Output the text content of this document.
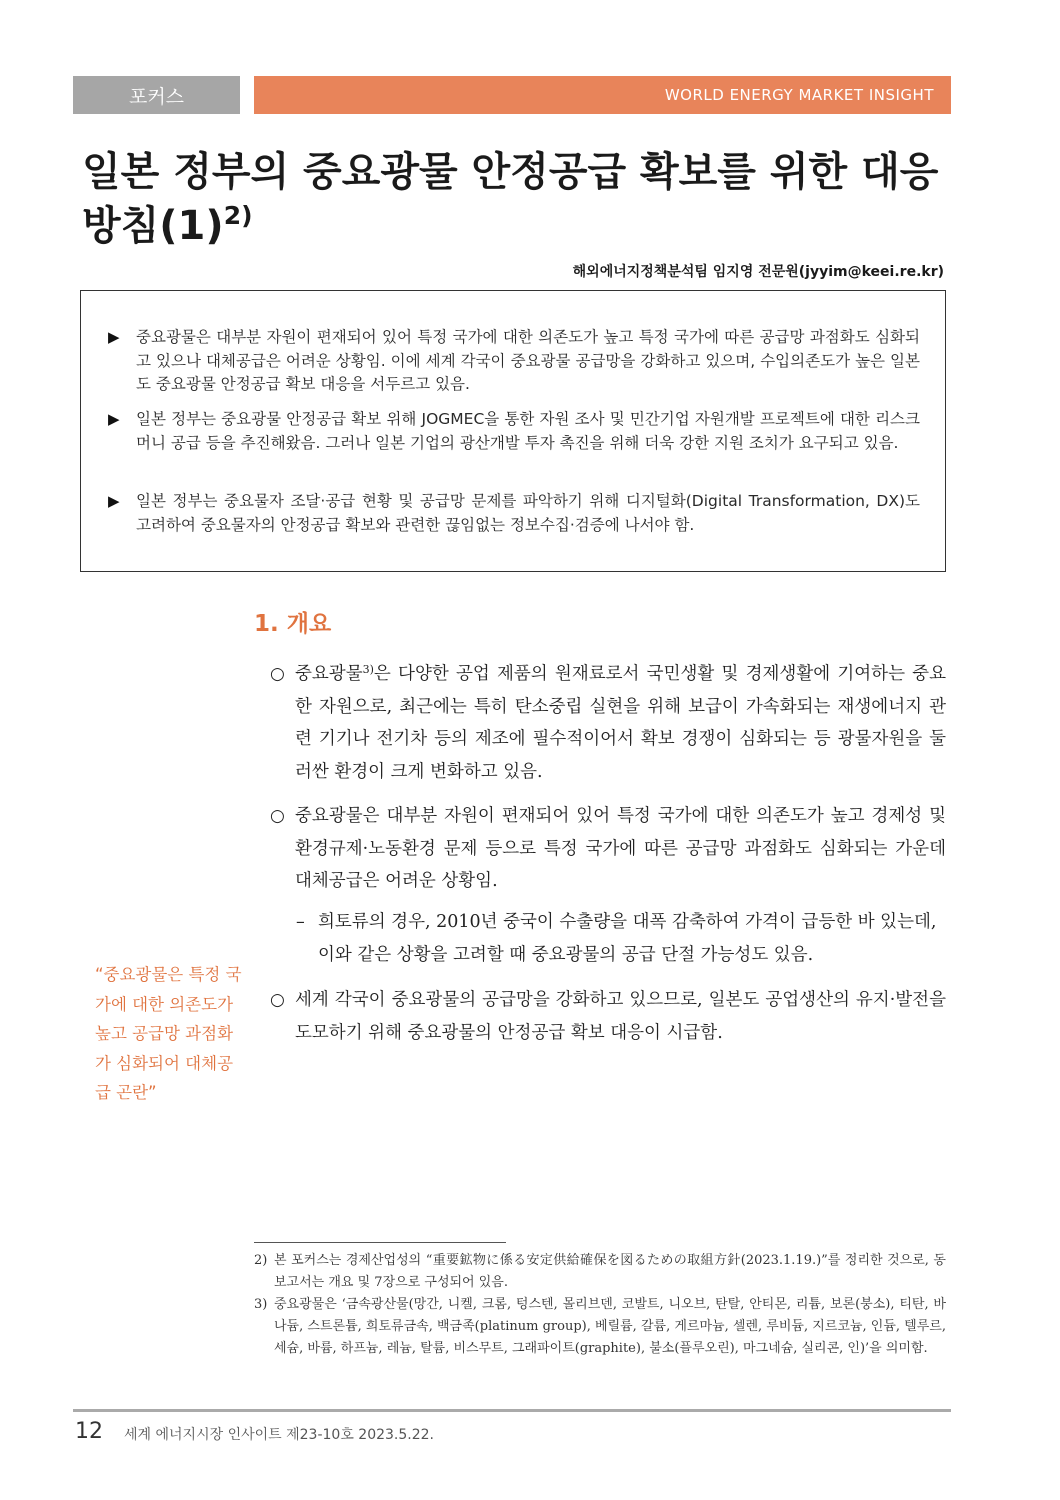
포커스	WORLD ENERGY MARKET INSIGHT
일본 정부의 중요광물 안정공급 확보를 위한 대응 방침$(1)^{2)}$
해외에너지정책분석팀 임지영 전문원(jyyim@keei.re.kr)
▶	중요광물은 대부분 자원이 편재되어 있어 특정 국가에 대한 의존도가 높고 특정 국가에 따른 공급망 과점화도 심화되고 있으나 대체공급은 어려운 상황임. 이에 세계 각국이 중요광물 공급망을 강화하고 있으며, 수입의존도가 높은 일본도 중요광물 안정공급 확보 대응을 서두르고 있음.
▶	일본 정부는 중요광물 안정공급 확보 위해 JOGMEC을 통한 자원 조사 및 민간기업 자원개발 프로젝트에 대한 리스크머니 공급 등을 추진해왔음. 그러나 일본 기업의 광산개발 투자 촉진을 위해 더욱 강한 지원 조치가 요구되고 있음.
▶	일본 정부는 중요물자 조달·공급 현황 및 공급망 문제를 파악하기 위해 디지털화(Digital Transformation, DX)도 고려하여 중요물자의 안정공급 확보와 관련한 끊임없는 정보수집·검증에 나서야 함.
1. 개요
○ 중요광물$^{3)}$은 다양한 공업 제품의 원재료로서 국민생활 및 경제생활에 기여하는 중요한 자원으로, 최근에는 특히 탄소중립 실현을 위해 보급이 가속화되는 재생에너지 관련 기기나 전기차 등의 제조에 필수적이어서 확보 경쟁이 심화되는 등 광물자원을 둘러싼 환경이 크게 변화하고 있음.
○ 중요광물은 대부분 자원이 편재되어 있어 특정 국가에 대한 의존도가 높고 경제성 및 환경규제·노동환경 문제 등으로 특정 국가에 따른 공급망 과점화도 심화되는 가운데 대체공급은 어려운 상황임.
– 희토류의 경우, 2010년 중국이 수출량을 대폭 감축하여 가격이 급등한 바 있는데, 이와 같은 상황을 고려할 때 중요광물의 공급 단절 가능성도 있음.
○ 세계 각국이 중요광물의 공급망을 강화하고 있으므로, 일본도 공업생산의 유지·발전을 도모하기 위해 중요광물의 안정공급 확보 대응이 시급함.
“중요광물은 특정 국가에 대한 의존도가 높고 공급망 과점화가 심화되어 대체공급 곤란”
2) 본 포커스는 경제산업성의 “重要鉱物に係る安定供給確保を図るための取組方針(2023.1.19.)”를 정리한 것으로, 동 보고서는 개요 및 7장으로 구성되어 있음.
3) 중요광물은 ‘금속광산물(망간, 니켈, 크롬, 텅스텐, 몰리브덴, 코발트, 니오브, 탄탈, 안티몬, 리튬, 보론(붕소), 티탄, 바나듐, 스트론튬, 희토류금속, 백금족(platinum group), 베릴륨, 갈륨, 게르마늄, 셀렌, 루비듐, 지르코늄, 인듐, 텔루르, 세슘, 바륨, 하프늄, 레늄, 탈륨, 비스무트, 그래파이트(graphite), 불소(플루오린), 마그네슘, 실리콘, 인)’을 의미함.
12 세계 에너지시장 인사이트 제23-10호 2023.5.22.
